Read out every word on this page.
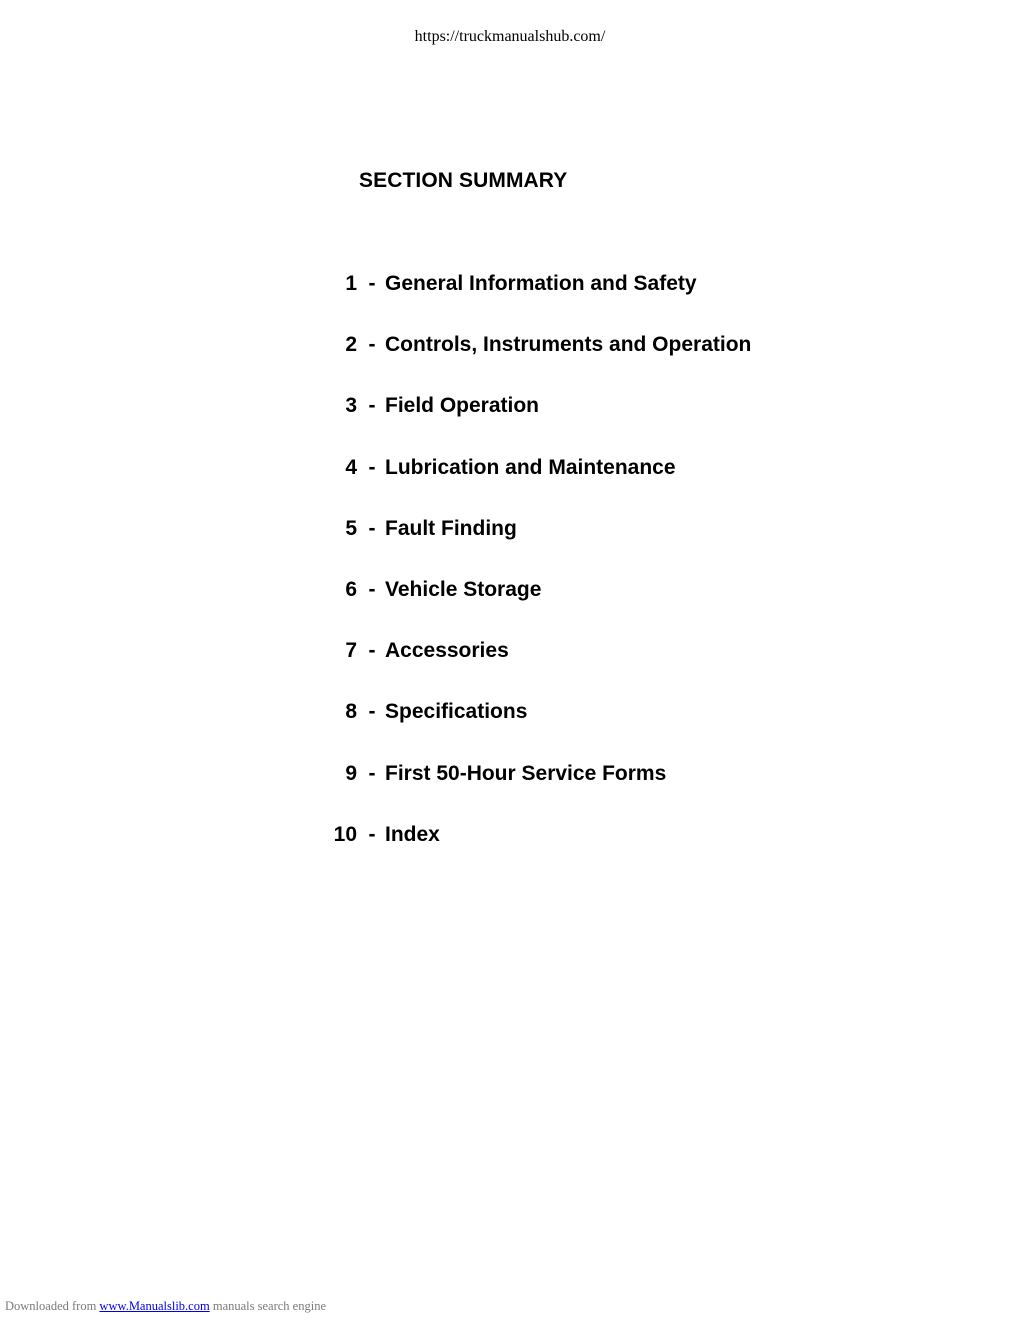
https://truckmanualshub.com/
SECTION SUMMARY
1 - General Information and Safety
2 - Controls, Instruments and Operation
3 - Field Operation
4 - Lubrication and Maintenance
5 - Fault Finding
6 - Vehicle Storage
7 - Accessories
8 - Specifications
9 - First 50-Hour Service Forms
10 - Index
Downloaded from www.Manualslib.com manuals search engine
